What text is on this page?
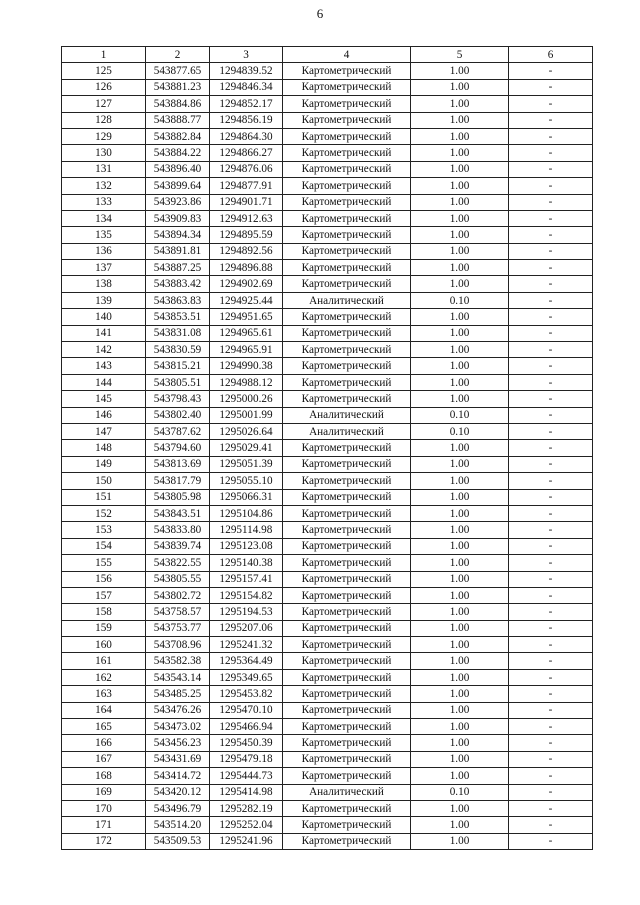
6
1	2	3	4	5	6
125	543877.65	1294839.52	Картометрический	1.00	-
126	543881.23	1294846.34	Картометрический	1.00	-
127	543884.86	1294852.17	Картометрический	1.00	-
128	543888.77	1294856.19	Картометрический	1.00	-
129	543882.84	1294864.30	Картометрический	1.00	-
130	543884.22	1294866.27	Картометрический	1.00	-
131	543896.40	1294876.06	Картометрический	1.00	-
132	543899.64	1294877.91	Картометрический	1.00	-
133	543923.86	1294901.71	Картометрический	1.00	-
134	543909.83	1294912.63	Картометрический	1.00	-
135	543894.34	1294895.59	Картометрический	1.00	-
136	543891.81	1294892.56	Картометрический	1.00	-
137	543887.25	1294896.88	Картометрический	1.00	-
138	543883.42	1294902.69	Картометрический	1.00	-
139	543863.83	1294925.44	Аналитический	0.10	-
140	543853.51	1294951.65	Картометрический	1.00	-
141	543831.08	1294965.61	Картометрический	1.00	-
142	543830.59	1294965.91	Картометрический	1.00	-
143	543815.21	1294990.38	Картометрический	1.00	-
144	543805.51	1294988.12	Картометрический	1.00	-
145	543798.43	1295000.26	Картометрический	1.00	-
146	543802.40	1295001.99	Аналитический	0.10	-
147	543787.62	1295026.64	Аналитический	0.10	-
148	543794.60	1295029.41	Картометрический	1.00	-
149	543813.69	1295051.39	Картометрический	1.00	-
150	543817.79	1295055.10	Картометрический	1.00	-
151	543805.98	1295066.31	Картометрический	1.00	-
152	543843.51	1295104.86	Картометрический	1.00	-
153	543833.80	1295114.98	Картометрический	1.00	-
154	543839.74	1295123.08	Картометрический	1.00	-
155	543822.55	1295140.38	Картометрический	1.00	-
156	543805.55	1295157.41	Картометрический	1.00	-
157	543802.72	1295154.82	Картометрический	1.00	-
158	543758.57	1295194.53	Картометрический	1.00	-
159	543753.77	1295207.06	Картометрический	1.00	-
160	543708.96	1295241.32	Картометрический	1.00	-
161	543582.38	1295364.49	Картометрический	1.00	-
162	543543.14	1295349.65	Картометрический	1.00	-
163	543485.25	1295453.82	Картометрический	1.00	-
164	543476.26	1295470.10	Картометрический	1.00	-
165	543473.02	1295466.94	Картометрический	1.00	-
166	543456.23	1295450.39	Картометрический	1.00	-
167	543431.69	1295479.18	Картометрический	1.00	-
168	543414.72	1295444.73	Картометрический	1.00	-
169	543420.12	1295414.98	Аналитический	0.10	-
170	543496.79	1295282.19	Картометрический	1.00	-
171	543514.20	1295252.04	Картометрический	1.00	-
172	543509.53	1295241.96	Картометрический	1.00	-
